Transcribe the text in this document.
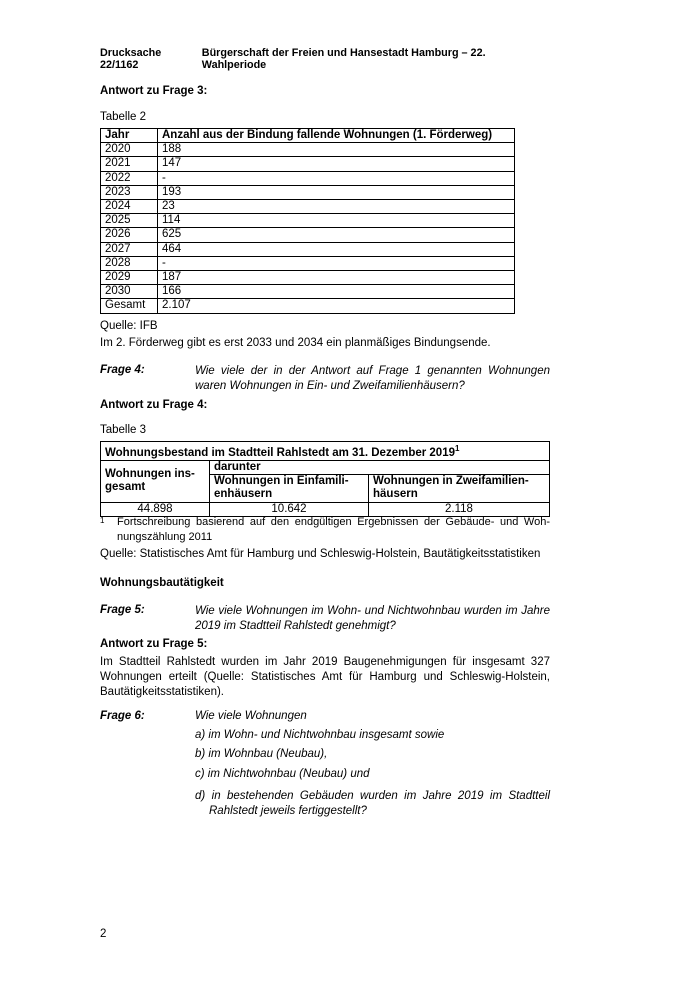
Drucksache 22/1162
Bürgerschaft der Freien und Hansestadt Hamburg – 22. Wahlperiode
Antwort zu Frage 3:
Tabelle 2
Jahr	Anzahl aus der Bindung fallende Wohnungen (1. Förderweg)
2020	188
2021	147
2022	-
2023	193
2024	23
2025	114
2026	625
2027	464
2028	-
2029	187
2030	166
Gesamt	2.107
Quelle: IFB
Im 2. Förderweg gibt es erst 2033 und 2034 ein planmäßiges Bindungsende.
Frage 4:	Wie viele der in der Antwort auf Frage 1 genannten Wohnungen waren Wohnungen in Ein- und Zweifamilienhäusern?
Antwort zu Frage 4:
Tabelle 3
Wohnungsbestand im Stadtteil Rahlstedt am 31. Dezember 2019$^1$
Wohnungen ins-gesamt	darunter	
	Wohnungen in Einfamili-enhäusern	Wohnungen in Zweifamilien-häusern
44.898	10.642	2.118
1	Fortschreibung basierend auf den endgültigen Ergebnissen der Gebäude- und Woh-nungszählung 2011
Quelle: Statistisches Amt für Hamburg und Schleswig-Holstein, Bautätigkeitsstatistiken
Wohnungsbautätigkeit
Frage 5:	Wie viele Wohnungen im Wohn- und Nichtwohnbau wurden im Jahre 2019 im Stadtteil Rahlstedt genehmigt?
Antwort zu Frage 5:
Im Stadtteil Rahlstedt wurden im Jahr 2019 Baugenehmigungen für insgesamt 327 Wohnungen erteilt (Quelle: Statistisches Amt für Hamburg und Schleswig-Holstein, Bautätigkeitsstatistiken).
Frage 6:	Wie viele Wohnungen
a) im Wohn- und Nichtwohnbau insgesamt sowie
b) im Wohnbau (Neubau),
c) im Nichtwohnbau (Neubau) und
d) in bestehenden Gebäuden wurden im Jahre 2019 im Stadtteil Rahlstedt jeweils fertiggestellt?
2
